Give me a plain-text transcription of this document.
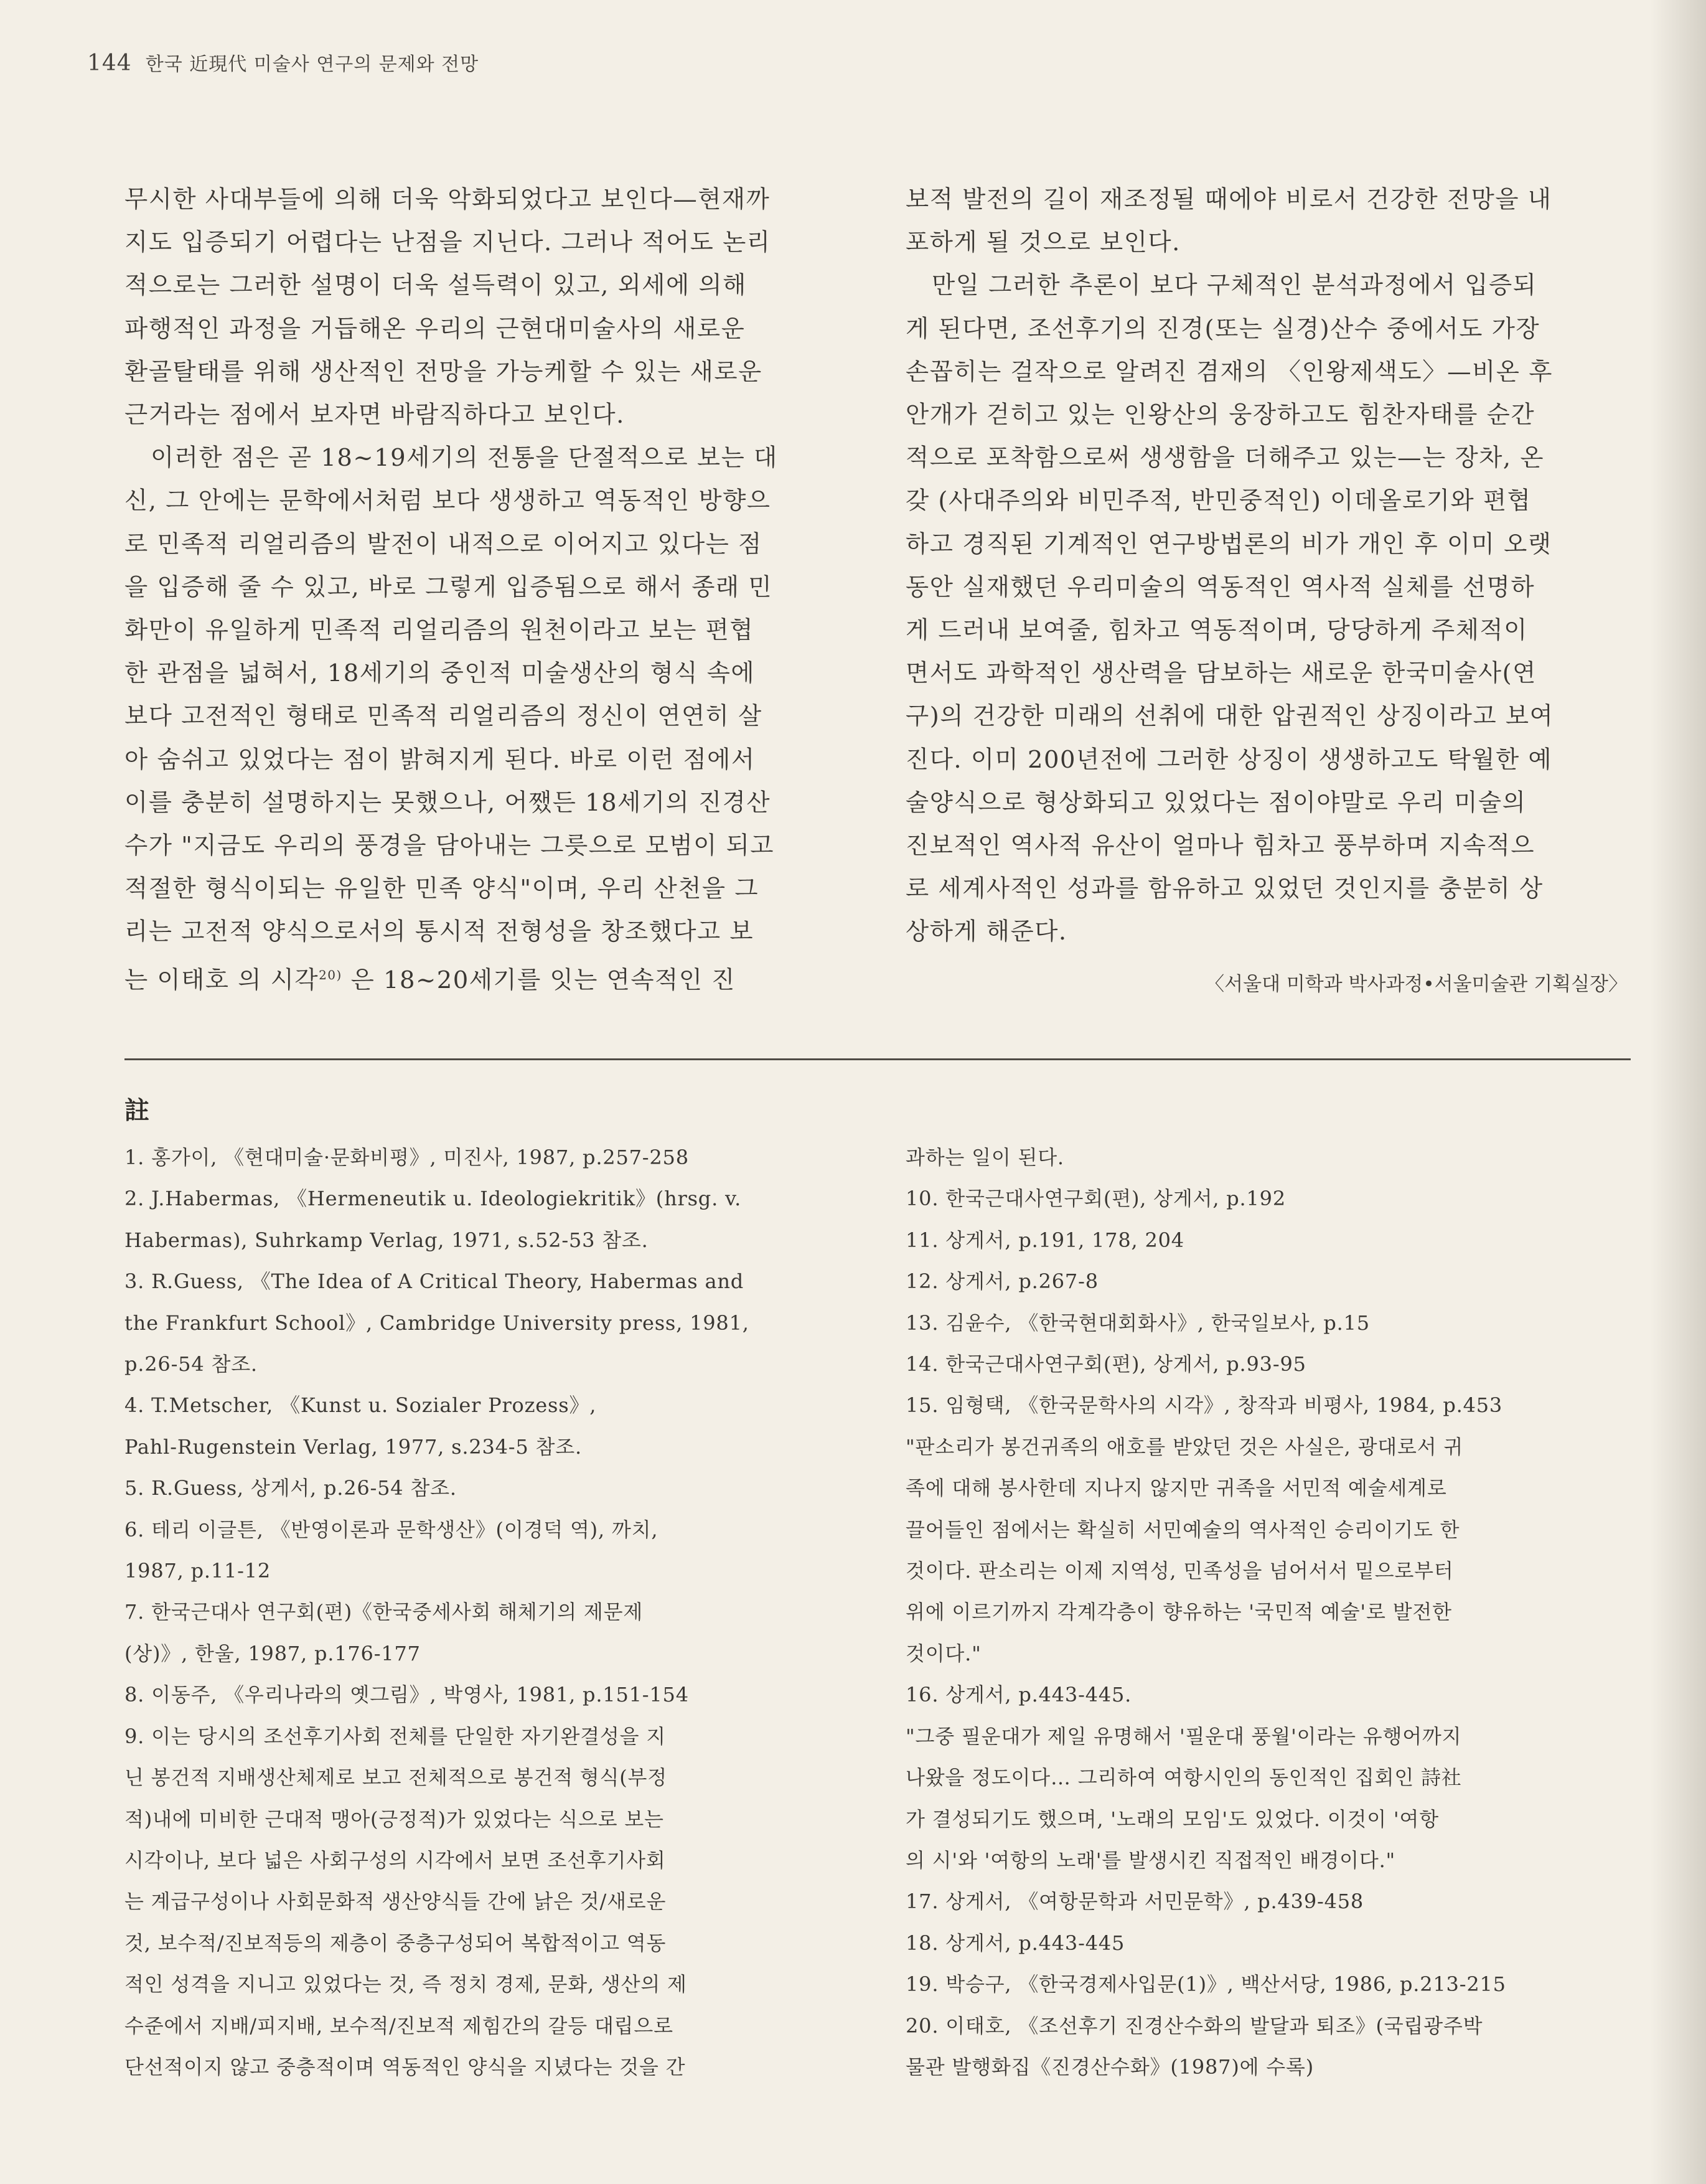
144 한국 近現代 미술사 연구의 문제와 전망
무시한 사대부들에 의해 더욱 악화되었다고 보인다—현재까
지도 입증되기 어렵다는 난점을 지닌다. 그러나 적어도 논리
적으로는 그러한 설명이 더욱 설득력이 있고, 외세에 의해
파행적인 과정을 거듭해온 우리의 근현대미술사의 새로운
환골탈태를 위해 생산적인 전망을 가능케할 수 있는 새로운
근거라는 점에서 보자면 바람직하다고 보인다.
이러한 점은 곧 18~19세기의 전통을 단절적으로 보는 대
신, 그 안에는 문학에서처럼 보다 생생하고 역동적인 방향으
로 민족적 리얼리즘의 발전이 내적으로 이어지고 있다는 점
을 입증해 줄 수 있고, 바로 그렇게 입증됨으로 해서 종래 민
화만이 유일하게 민족적 리얼리즘의 원천이라고 보는 편협
한 관점을 넓혀서, 18세기의 중인적 미술생산의 형식 속에
보다 고전적인 형태로 민족적 리얼리즘의 정신이 연연히 살
아 숨쉬고 있었다는 점이 밝혀지게 된다. 바로 이런 점에서
이를 충분히 설명하지는 못했으나, 어쨌든 18세기의 진경산
수가 "지금도 우리의 풍경을 담아내는 그릇으로 모범이 되고
적절한 형식이되는 유일한 민족 양식"이며, 우리 산천을 그
리는 고전적 양식으로서의 통시적 전형성을 창조했다고 보
는 이태호 의 시각$^{20)}$ 은 18~20세기를 잇는 연속적인 진
보적 발전의 길이 재조정될 때에야 비로서 건강한 전망을 내
포하게 될 것으로 보인다.
만일 그러한 추론이 보다 구체적인 분석과정에서 입증되
게 된다면, 조선후기의 진경(또는 실경)산수 중에서도 가장
손꼽히는 걸작으로 알려진 겸재의 〈인왕제색도〉—비온 후
안개가 걷히고 있는 인왕산의 웅장하고도 힘찬자태를 순간
적으로 포착함으로써 생생함을 더해주고 있는—는 장차, 온
갖 (사대주의와 비민주적, 반민중적인) 이데올로기와 편협
하고 경직된 기계적인 연구방법론의 비가 개인 후 이미 오랫
동안 실재했던 우리미술의 역동적인 역사적 실체를 선명하
게 드러내 보여줄, 힘차고 역동적이며, 당당하게 주체적이
면서도 과학적인 생산력을 담보하는 새로운 한국미술사(연
구)의 건강한 미래의 선취에 대한 압권적인 상징이라고 보여
진다. 이미 200년전에 그러한 상징이 생생하고도 탁월한 예
술양식으로 형상화되고 있었다는 점이야말로 우리 미술의
진보적인 역사적 유산이 얼마나 힘차고 풍부하며 지속적으
로 세계사적인 성과를 함유하고 있었던 것인지를 충분히 상
상하게 해준다.
〈서울대 미학과 박사과정•서울미술관 기획실장〉
註
1. 홍가이, 《현대미술·문화비평》, 미진사, 1987, p.257-258
2. J.Habermas, 《Hermeneutik u. Ideologiekritik》(hrsg. v.
Habermas), Suhrkamp Verlag, 1971, s.52-53 참조.
3. R.Guess, 《The Idea of A Critical Theory, Habermas and
the Frankfurt School》, Cambridge University press, 1981,
p.26-54 참조.
4. T.Metscher, 《Kunst u. Sozialer Prozess》,
Pahl-Rugenstein Verlag, 1977, s.234-5 참조.
5. R.Guess, 상게서, p.26-54 참조.
6. 테리 이글튼, 《반영이론과 문학생산》(이경덕 역), 까치,
1987, p.11-12
7. 한국근대사 연구회(편)《한국중세사회 해체기의 제문제
(상)》, 한울, 1987, p.176-177
8. 이동주, 《우리나라의 옛그림》, 박영사, 1981, p.151-154
9. 이는 당시의 조선후기사회 전체를 단일한 자기완결성을 지
닌 봉건적 지배생산체제로 보고 전체적으로 봉건적 형식(부정
적)내에 미비한 근대적 맹아(긍정적)가 있었다는 식으로 보는
시각이나, 보다 넓은 사회구성의 시각에서 보면 조선후기사회
는 계급구성이나 사회문화적 생산양식들 간에 낡은 것/새로운
것, 보수적/진보적등의 제층이 중층구성되어 복합적이고 역동
적인 성격을 지니고 있었다는 것, 즉 정치 경제, 문화, 생산의 제
수준에서 지배/피지배, 보수적/진보적 제힘간의 갈등 대립으로
단선적이지 않고 중층적이며 역동적인 양식을 지녔다는 것을 간
과하는 일이 된다.
10. 한국근대사연구회(편), 상게서, p.192
11. 상게서, p.191, 178, 204
12. 상게서, p.267-8
13. 김윤수, 《한국현대회화사》, 한국일보사, p.15
14. 한국근대사연구회(편), 상게서, p.93-95
15. 임형택, 《한국문학사의 시각》, 창작과 비평사, 1984, p.453
"판소리가 봉건귀족의 애호를 받았던 것은 사실은, 광대로서 귀
족에 대해 봉사한데 지나지 않지만 귀족을 서민적 예술세계로
끌어들인 점에서는 확실히 서민예술의 역사적인 승리이기도 한
것이다. 판소리는 이제 지역성, 민족성을 넘어서서 밑으로부터
위에 이르기까지 각계각층이 향유하는 '국민적 예술'로 발전한
것이다."
16. 상게서, p.443-445.
"그중 필운대가 제일 유명해서 '필운대 풍월'이라는 유행어까지
나왔을 정도이다… 그리하여 여항시인의 동인적인 집회인 詩社
가 결성되기도 했으며, '노래의 모임'도 있었다. 이것이 '여항
의 시'와 '여항의 노래'를 발생시킨 직접적인 배경이다."
17. 상게서, 《여항문학과 서민문학》, p.439-458
18. 상게서, p.443-445
19. 박승구, 《한국경제사입문(1)》, 백산서당, 1986, p.213-215
20. 이태호, 《조선후기 진경산수화의 발달과 퇴조》(국립광주박
물관 발행화집《진경산수화》(1987)에 수록)
